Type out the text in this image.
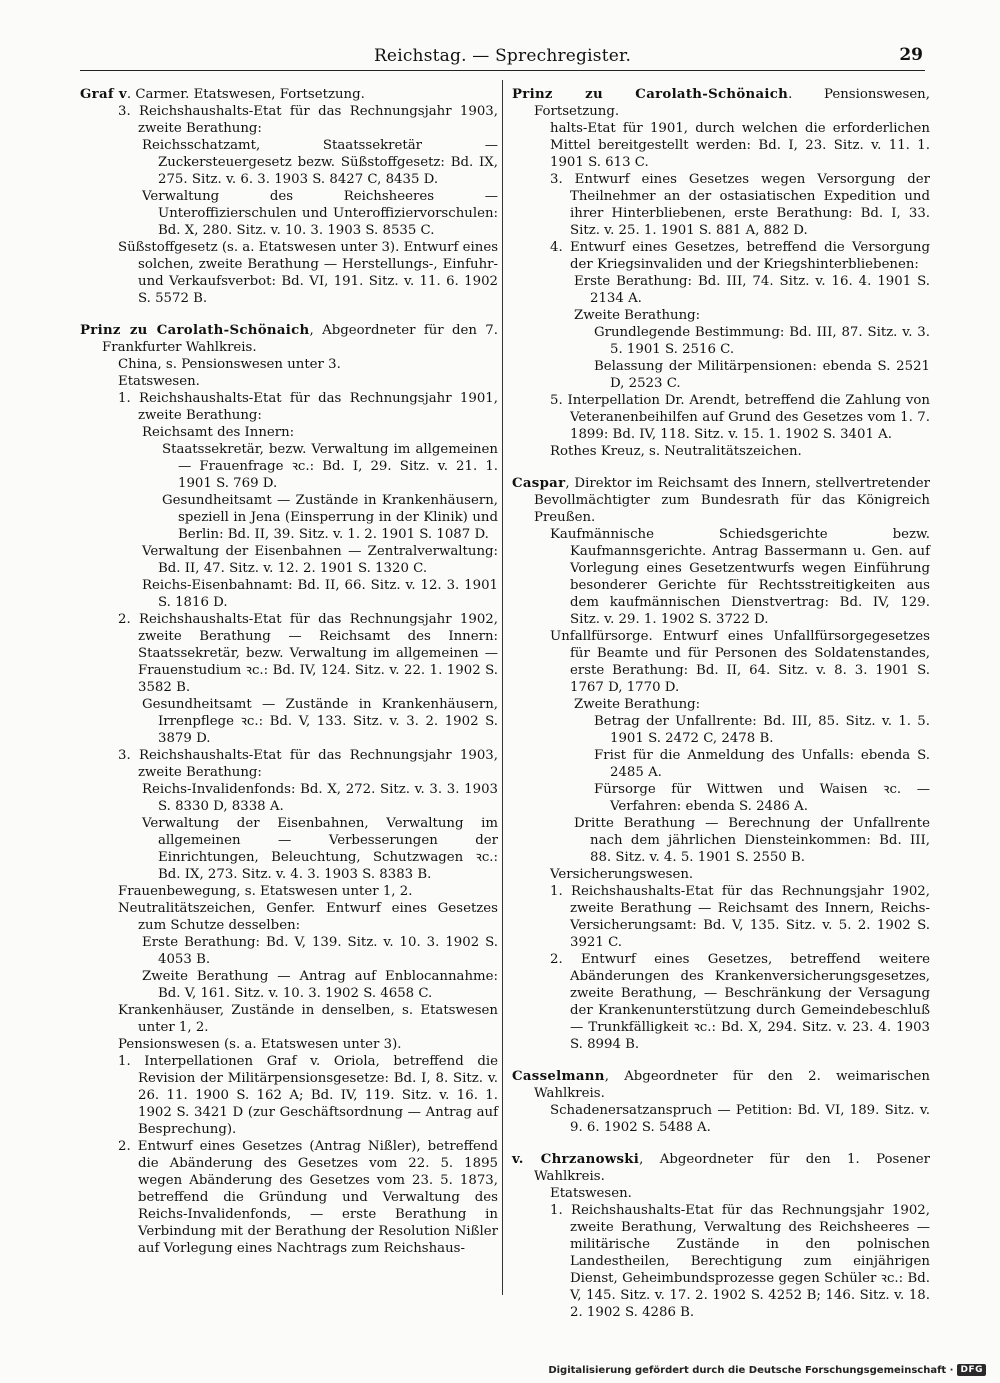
Reichstag. — Sprechregister.	29
Graf v. Carmer. Etatswesen, Fortsetzung.
3. Reichshaushalts-Etat für das Rechnungsjahr 1903, zweite Berathung:
Reichsschatzamt, Staatssekretär — Zuckersteuergesetz bezw. Süßstoffgesetz: Bd. IX, 275. Sitz. v. 6. 3. 1903 S. 8427 C, 8435 D.
Verwaltung des Reichsheeres — Unteroffizierschulen und Unteroffiziervorschulen: Bd. X, 280. Sitz. v. 10. 3. 1903 S. 8535 C.
Süßstoffgesetz (s. a. Etatswesen unter 3). Entwurf eines solchen, zweite Berathung — Herstellungs-, Einfuhr- und Verkaufsverbot: Bd. VI, 191. Sitz. v. 11. 6. 1902 S. 5572 B.
Prinz zu Carolath-Schönaich, Abgeordneter für den 7. Frankfurter Wahlkreis.
China, s. Pensionswesen unter 3.
Etatswesen.
1. Reichshaushalts-Etat für das Rechnungsjahr 1901, zweite Berathung:
Reichsamt des Innern:
Staatssekretär, bezw. Verwaltung im allgemeinen — Frauenfrage ꝛc.: Bd. I, 29. Sitz. v. 21. 1. 1901 S. 769 D.
Gesundheitsamt — Zustände in Krankenhäusern, speziell in Jena (Einsperrung in der Klinik) und Berlin: Bd. II, 39. Sitz. v. 1. 2. 1901 S. 1087 D.
Verwaltung der Eisenbahnen — Zentralverwaltung: Bd. II, 47. Sitz. v. 12. 2. 1901 S. 1320 C.
Reichs-Eisenbahnamt: Bd. II, 66. Sitz. v. 12. 3. 1901 S. 1816 D.
2. Reichshaushalts-Etat für das Rechnungsjahr 1902, zweite Berathung — Reichsamt des Innern: Staatssekretär, bezw. Verwaltung im allgemeinen — Frauenstudium ꝛc.: Bd. IV, 124. Sitz. v. 22. 1. 1902 S. 3582 B.
Gesundheitsamt — Zustände in Krankenhäusern, Irrenpflege ꝛc.: Bd. V, 133. Sitz. v. 3. 2. 1902 S. 3879 D.
3. Reichshaushalts-Etat für das Rechnungsjahr 1903, zweite Berathung:
Reichs-Invalidenfonds: Bd. X, 272. Sitz. v. 3. 3. 1903 S. 8330 D, 8338 A.
Verwaltung der Eisenbahnen, Verwaltung im allgemeinen — Verbesserungen der Einrichtungen, Beleuchtung, Schutzwagen ꝛc.: Bd. IX, 273. Sitz. v. 4. 3. 1903 S. 8383 B.
Frauenbewegung, s. Etatswesen unter 1, 2.
Neutralitätszeichen, Genfer. Entwurf eines Gesetzes zum Schutze desselben:
Erste Berathung: Bd. V, 139. Sitz. v. 10. 3. 1902 S. 4053 B.
Zweite Berathung — Antrag auf Enblocannahme: Bd. V, 161. Sitz. v. 10. 3. 1902 S. 4658 C.
Krankenhäuser, Zustände in denselben, s. Etatswesen unter 1, 2.
Pensionswesen (s. a. Etatswesen unter 3).
1. Interpellationen Graf v. Oriola, betreffend die Revision der Militärpensionsgesetze: Bd. I, 8. Sitz. v. 26. 11. 1900 S. 162 A; Bd. IV, 119. Sitz. v. 16. 1. 1902 S. 3421 D (zur Geschäftsordnung — Antrag auf Besprechung).
2. Entwurf eines Gesetzes (Antrag Nißler), betreffend die Abänderung des Gesetzes vom 22. 5. 1895 wegen Abänderung des Gesetzes vom 23. 5. 1873, betreffend die Gründung und Verwaltung des Reichs-Invalidenfonds, — erste Berathung in Verbindung mit der Berathung der Resolution Nißler auf Vorlegung eines Nachtrags zum Reichshaus-
Prinz zu Carolath-Schönaich. Pensionswesen, Fortsetzung.
halts-Etat für 1901, durch welchen die erforderlichen Mittel bereitgestellt werden: Bd. I, 23. Sitz. v. 11. 1. 1901 S. 613 C.
3. Entwurf eines Gesetzes wegen Versorgung der Theilnehmer an der ostasiatischen Expedition und ihrer Hinterbliebenen, erste Berathung: Bd. I, 33. Sitz. v. 25. 1. 1901 S. 881 A, 882 D.
4. Entwurf eines Gesetzes, betreffend die Versorgung der Kriegsinvaliden und der Kriegshinterbliebenen:
Erste Berathung: Bd. III, 74. Sitz. v. 16. 4. 1901 S. 2134 A.
Zweite Berathung:
Grundlegende Bestimmung: Bd. III, 87. Sitz. v. 3. 5. 1901 S. 2516 C.
Belassung der Militärpensionen: ebenda S. 2521 D, 2523 C.
5. Interpellation Dr. Arendt, betreffend die Zahlung von Veteranenbeihilfen auf Grund des Gesetzes vom 1. 7. 1899: Bd. IV, 118. Sitz. v. 15. 1. 1902 S. 3401 A.
Rothes Kreuz, s. Neutralitätszeichen.
Caspar, Direktor im Reichsamt des Innern, stellvertretender Bevollmächtigter zum Bundesrath für das Königreich Preußen.
Kaufmännische Schiedsgerichte bezw. Kaufmannsgerichte. Antrag Bassermann u. Gen. auf Vorlegung eines Gesetzentwurfs wegen Einführung besonderer Gerichte für Rechtsstreitigkeiten aus dem kaufmännischen Dienstvertrag: Bd. IV, 129. Sitz. v. 29. 1. 1902 S. 3722 D.
Unfallfürsorge. Entwurf eines Unfallfürsorgegesetzes für Beamte und für Personen des Soldatenstandes, erste Berathung: Bd. II, 64. Sitz. v. 8. 3. 1901 S. 1767 D, 1770 D.
Zweite Berathung:
Betrag der Unfallrente: Bd. III, 85. Sitz. v. 1. 5. 1901 S. 2472 C, 2478 B.
Frist für die Anmeldung des Unfalls: ebenda S. 2485 A.
Fürsorge für Wittwen und Waisen ꝛc. — Verfahren: ebenda S. 2486 A.
Dritte Berathung — Berechnung der Unfallrente nach dem jährlichen Diensteinkommen: Bd. III, 88. Sitz. v. 4. 5. 1901 S. 2550 B.
Versicherungswesen.
1. Reichshaushalts-Etat für das Rechnungsjahr 1902, zweite Berathung — Reichsamt des Innern, Reichs-Versicherungsamt: Bd. V, 135. Sitz. v. 5. 2. 1902 S. 3921 C.
2. Entwurf eines Gesetzes, betreffend weitere Abänderungen des Krankenversicherungsgesetzes, zweite Berathung, — Beschränkung der Versagung der Krankenunterstützung durch Gemeindebeschluß — Trunkfälligkeit ꝛc.: Bd. X, 294. Sitz. v. 23. 4. 1903 S. 8994 B.
Casselmann, Abgeordneter für den 2. weimarischen Wahlkreis.
Schadenersatzanspruch — Petition: Bd. VI, 189. Sitz. v. 9. 6. 1902 S. 5488 A.
v. Chrzanowski, Abgeordneter für den 1. Posener Wahlkreis.
Etatswesen.
1. Reichshaushalts-Etat für das Rechnungsjahr 1902, zweite Berathung, Verwaltung des Reichsheeres — militärische Zustände in den polnischen Landestheilen, Berechtigung zum einjährigen Dienst, Geheimbundsprozesse gegen Schüler ꝛc.: Bd. V, 145. Sitz. v. 17. 2. 1902 S. 4252 B; 146. Sitz. v. 18. 2. 1902 S. 4286 B.
Digitalisierung gefördert durch die Deutsche Forschungsgemeinschaft · DFG
